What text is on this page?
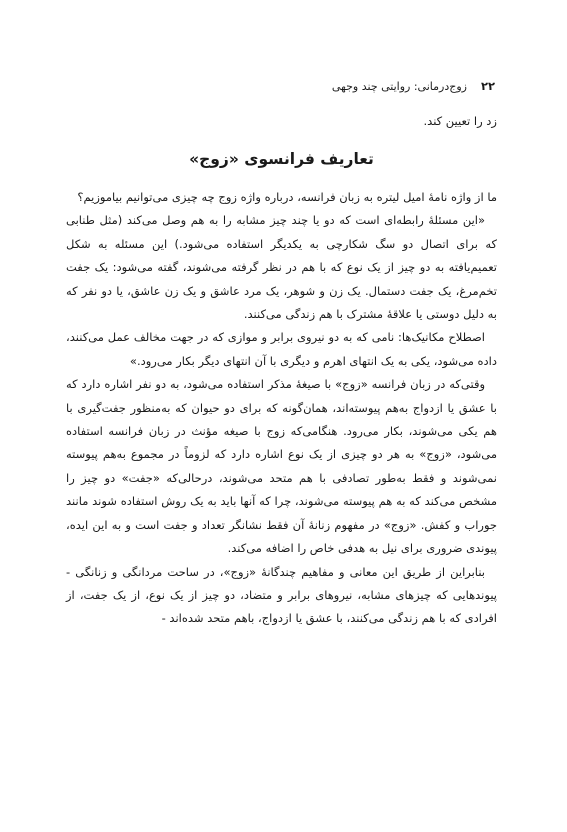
۲۲
زوج‌درمانی: روایتی چند وجهی

زد را تعیین کند.

تعاریف فرانسوی «زوج»

ما از واژه‌ نامهٔ امیل لیتره به زبان فرانسه، درباره واژه زوج چه چیزی می‌توانیم بیاموزیم؟

«این مسئلهٔ رابطه‌ای است که دو یا چند چیز مشابه را به هم وصل می‌کند (مثل طنابی که برای اتصال دو سگ شکارچی به یکدیگر استفاده می‌شود.) این مسئله به شکل تعمیم‌یافته به دو چیز از یک نوع که با هم در نظر گرفته می‌شوند، گفته می‌شود: یک جفت تخم‌مرغ، یک جفت دستمال. یک زن و شوهر، یک مرد عاشق و یک زن عاشق، یا دو نفر که به دلیل دوستی یا علاقهٔ مشترک با هم زندگی می‌کنند.

اصطلاح مکانیک‌ها: نامی که به دو نیروی برابر و موازی که در جهت مخالف عمل می‌کنند، داده می‌شود، یکی به یک انتهای اهرم و دیگری با آن انتهای دیگر بکار می‌رود.»

وقتی‌که در زبان فرانسه «زوج» با صیغهٔ مذکر استفاده می‌شود، به دو نفر اشاره دارد که با عشق یا ازدواج به‌هم پیوسته‌اند، همان‌گونه که برای دو حیوان که به‌منظور جفت‌گیری با هم یکی می‌شوند، بکار می‌رود. هنگامی‌که زوج با صیغه مؤنث در زبان فرانسه استفاده می‌شود، «زوج» به هر دو چیزی از یک نوع اشاره دارد که لزوماً در مجموع به‌هم پیوسته نمی‌شوند و فقط به‌طور تصادفی با هم متحد می‌شوند، درحالی‌که «جفت» دو چیز را مشخص می‌کند که به هم پیوسته می‌شوند، چرا که آنها باید به یک روش استفاده شوند مانند جوراب و کفش. «زوج» در مفهوم زنانهٔ آن فقط نشانگر تعداد و جفت است و به این ایده، پیوندی ضروری برای نیل به هدفی خاص را اضافه می‌کند.

بنابراین از طریق این معانی و مفاهیم چندگانهٔ «زوج»، در ساحت مردانگی و زنانگی - پیوندهایی که چیزهای مشابه، نیروهای برابر و متضاد، دو چیز از یک نوع، از یک جفت، از افرادی که با هم زندگی می‌کنند، با عشق یا ازدواج، باهم متحد شده‌اند -
